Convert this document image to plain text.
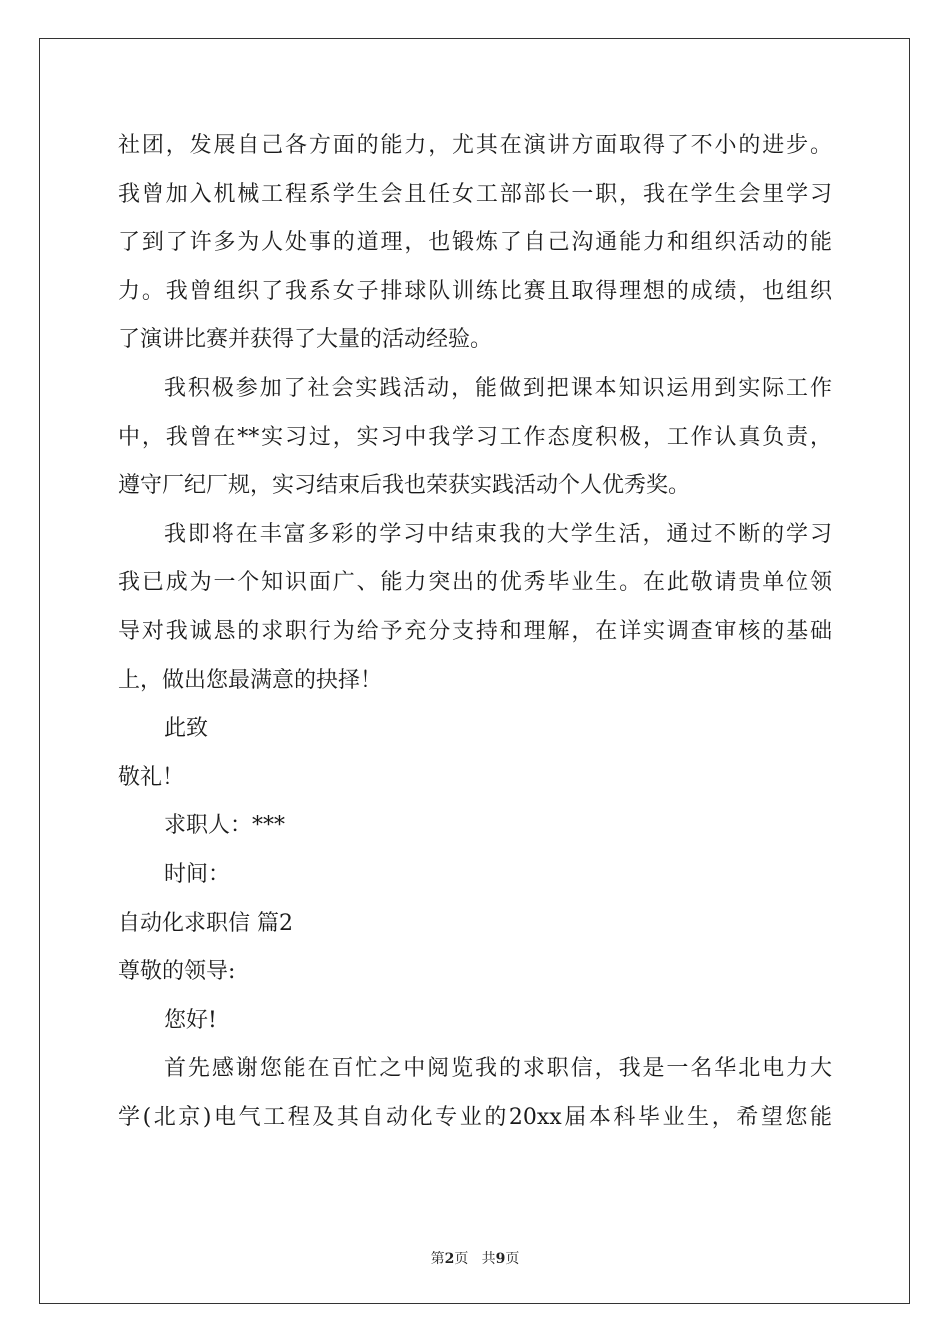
社团，发展自己各方面的能力，尤其在演讲方面取得了不小的进步。
我曾加入机械工程系学生会且任女工部部长一职，我在学生会里学习
了到了许多为人处事的道理，也锻炼了自己沟通能力和组织活动的能
力。我曾组织了我系女子排球队训练比赛且取得理想的成绩，也组织
了演讲比赛并获得了大量的活动经验。
我积极参加了社会实践活动，能做到把课本知识运用到实际工作
中，我曾在**实习过，实习中我学习工作态度积极，工作认真负责，
遵守厂纪厂规，实习结束后我也荣获实践活动个人优秀奖。
我即将在丰富多彩的学习中结束我的大学生活，通过不断的学习
我已成为一个知识面广、能力突出的优秀毕业生。在此敬请贵单位领
导对我诚恳的求职行为给予充分支持和理解，在详实调查审核的基础
上，做出您最满意的抉择！
此致
敬礼！
求职人：***
时间：
自动化求职信 篇2
尊敬的领导:
您好!
首先感谢您能在百忙之中阅览我的求职信，我是一名华北电力大
学(北京)电气工程及其自动化专业的20xx届本科毕业生，希望您能
第2页 共9页
